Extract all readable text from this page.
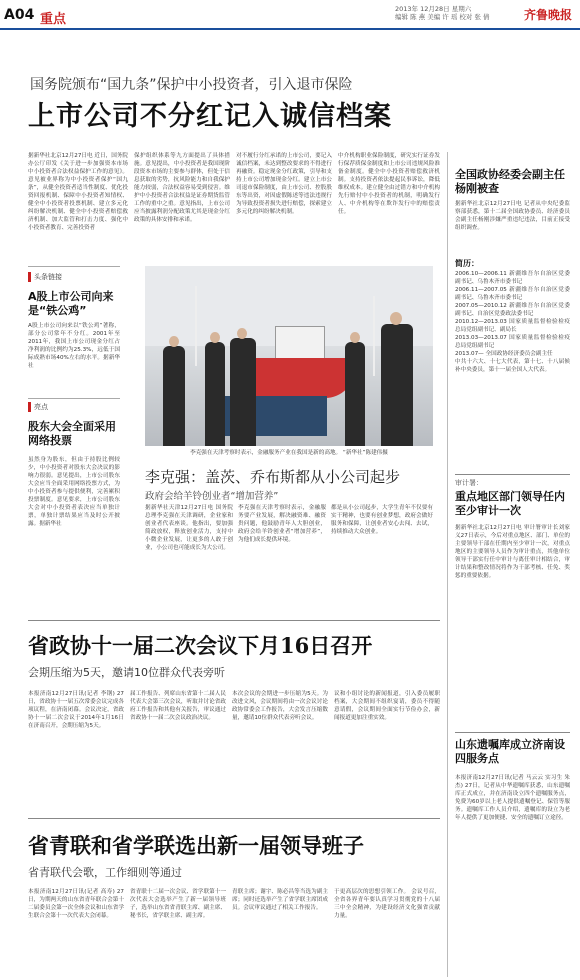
A04 重点
2013年 12月28日 星期六
编辑 陈 燕 美编 许 瑶 校对 张 倩	齐鲁晚报
国务院颁布“国九条”保护中小投资者，引入退市保险
上市公司不分红记入诚信档案
据新华社北京12月27日电 近日，国务院办公厅印发《关于进一步加强资本市场中小投资者合法权益保护工作的意见》。意见被业界称为中小投资者保护“国九条”，从健全投资者适当性制度、优化投资回报机制、保障中小投资者知情权、健全中小投资者投票机制、建立多元化纠纷解决机制、健全中小投资者赔偿救济机制、加大监管和打击力度、强化中小投资者教育、完善投资者
保护组织体系等九方面提出了具体措施。意见提出，中小投资者是我国现阶段资本市场的主要参与群体，但处于信息获取的劣势，抗风险能力和自我保护能力较弱，合法权益容易受到侵害。维护中小投资者合法权益是证券期货监管工作的重中之重。意见指出，上市公司应当披露利润分配政策尤其是现金分红政策的具体安排和承诺。
对不履行分红承诺的上市公司，要记入诚信档案，未达到整改要求的不得进行再融资。稳定现金分红政策，引导和支持上市公司增加现金分红。建立上市公司退市保险制度，由上市公司、控股股东等出资，对因虚假陈述等违法违规行为导致投资者损失进行赔偿，探索建立多元化的纠纷解决机制。
中介机构职业保险制度，研究实行证券发行保荐质保金制度和上市公司违规风险准备金制度。健全中小投资者赔偿救济机制。支持投资者依法提起民事诉讼，降低维权成本。建立健全由过错方和中介机构先行赔付中小投资者的机制，明确发行人、中介机构等在欺诈发行中的赔偿责任。
头条链接
A股上市公司向来是“铁公鸡”
A股上市公司向来以“铁公鸡”著称，部分公司常年不分红。2001年至2011年，我国上市公司现金分红占净利润的比例约为25.3%，远低于国际成熟市场40%左右的水平。据新华社
亮点
股东大会全面采用网络投票
虽然身为股东，但由于持股比例较少，中小投资者对股东大会决议的影响力很弱。意见提出，上市公司股东大会应当全面采用网络投票方式，为中小投资者参与提供便利，完善累积投票制度。意见要求，上市公司股东大会对中小投资者表决应当单独计票，单独计票结果应当及时公开披露。据新华社
李克强在天津考察时表示，金融服务产业在我国是新的高地。 “新华社”陈建伟摄
李克强：盖茨、乔布斯都从小公司起步
政府会给羊铃创业者“增加营养”
据新华社天津12月27日电 国务院总理李克强在天津调研，企业家和创业者代表座谈。他指出，要加强简政放权，释放创业活力，支持中小微企业发展，让更多的人敢于创业，小公司也可能成长为大公司。
李克强在天津考察时表示，金融服务要产业发展，解决融资难、融资贵问题，他鼓励青年人大胆创业，政府会给羊铃创业者“增加营养”，为他们成长提供环境。
都是从小公司起步，大学生青年不仅要有实干精神，也要有创业梦想，政府会做好服务和保障，让创业者安心去闯、去试，持续推动大众创业。
省政协十一届二次会议下月16日召开
会期压缩为5天，邀请10位群众代表旁听
本报济南12月27日讯(记者 李钢) 27日，省政协十一届五次常委会议完成各项议程，在济南闭幕。会议决定，省政协十一届二次会议于2014年1月16日在济南召开，会期压缩为5天。
届工作报告、列席山东省第十二届人民代表大会第三次会议，听取并讨论省政府工作报告和其他有关报告，审议通过省政协十一届二次会议政治决议。
本次会议的会期进一步压缩为5天。为改进文风，会议期间将由一次会议讨论政协常委会工作报告，大会发言压缩数量，邀请10位群众代表旁听会议。
议和小组讨论的新闻报道，引入委员履职档案，大会期间不组织宴请，委员不得随意请假，会议期间全面实行节俭办会，新闻报道更加注重实效。
省青联和省学联选出新一届领导班子
省青联代会歌，工作细则等通过
本报济南12月27日讯(记者 高寿) 27日，为期两天的山东省青年联合会第十二届委员会第一次全体会议和山东省学生联合会第十一次代表大会闭幕。
省青联十二届一次会议、省学联第十一次代表大会选举产生了新一届领导班子，选举山东省省青联主席、副主席、秘书长，省学联主席、副主席。
青联主席；谢宇、陈必昌等当选为副主席；同时还选举产生了省学联主席团成员。会议审议通过了相关工作报告。
于更高层次的思想引领工作。 会议号召，全省各界青年要认真学习贯彻党的十八届三中全会精神，为建设经济文化强省贡献力量。
全国政协经委会副主任杨刚被查
据新华社北京12月27日电 记者从中央纪委监察部获悉，第十二届全国政协委员、经济委员会副主任杨刚涉嫌严重违纪违法，目前正接受组织调查。
简历：
2006.10—2006.11 新疆维吾尔自治区党委副书记、乌鲁木齐市委书记
2006.11—2007.05 新疆维吾尔自治区党委副书记、乌鲁木齐市委书记
2007.05—2010.12 新疆维吾尔自治区党委副书记、自治区党委政法委书记
2010.12—2013.03 国家质量监督检验检疫总局党组副书记、副局长
2013.03—2013.07 国家质量监督检验检疫总局党组副书记
2013.07— 全国政协经济委员会副主任
中共十六大、十七大代表，第十七、十八届候补中央委员，第十一届全国人大代表。
审计署：
重点地区部门领导任内至少审计一次
据新华社北京12月27日电 审计署审计长刘家义27日表示，今后对重点地区、部门、单位的主要领导干部在任期内至少审计一次，对重点地区的主要领导人员作为审计重点，其他单位领导干部实行任中审计与离任审计相结合，审计结果和整改情况将作为干部考核、任免、奖惩的重要依据。
山东遗嘱库成立济南设四服务点
本报济南12月27日讯(记者 马云云 实习生 朱杰) 27日，记者从中华遗嘱库获悉，山东遗嘱库正式成立，并在济南设立四个遗嘱服务点，免费为60岁以上老人提供遗嘱登记、保管等服务。遗嘱库工作人员介绍，遗嘱库的设立为老年人提供了更加便捷、安全的遗嘱订立途径。
